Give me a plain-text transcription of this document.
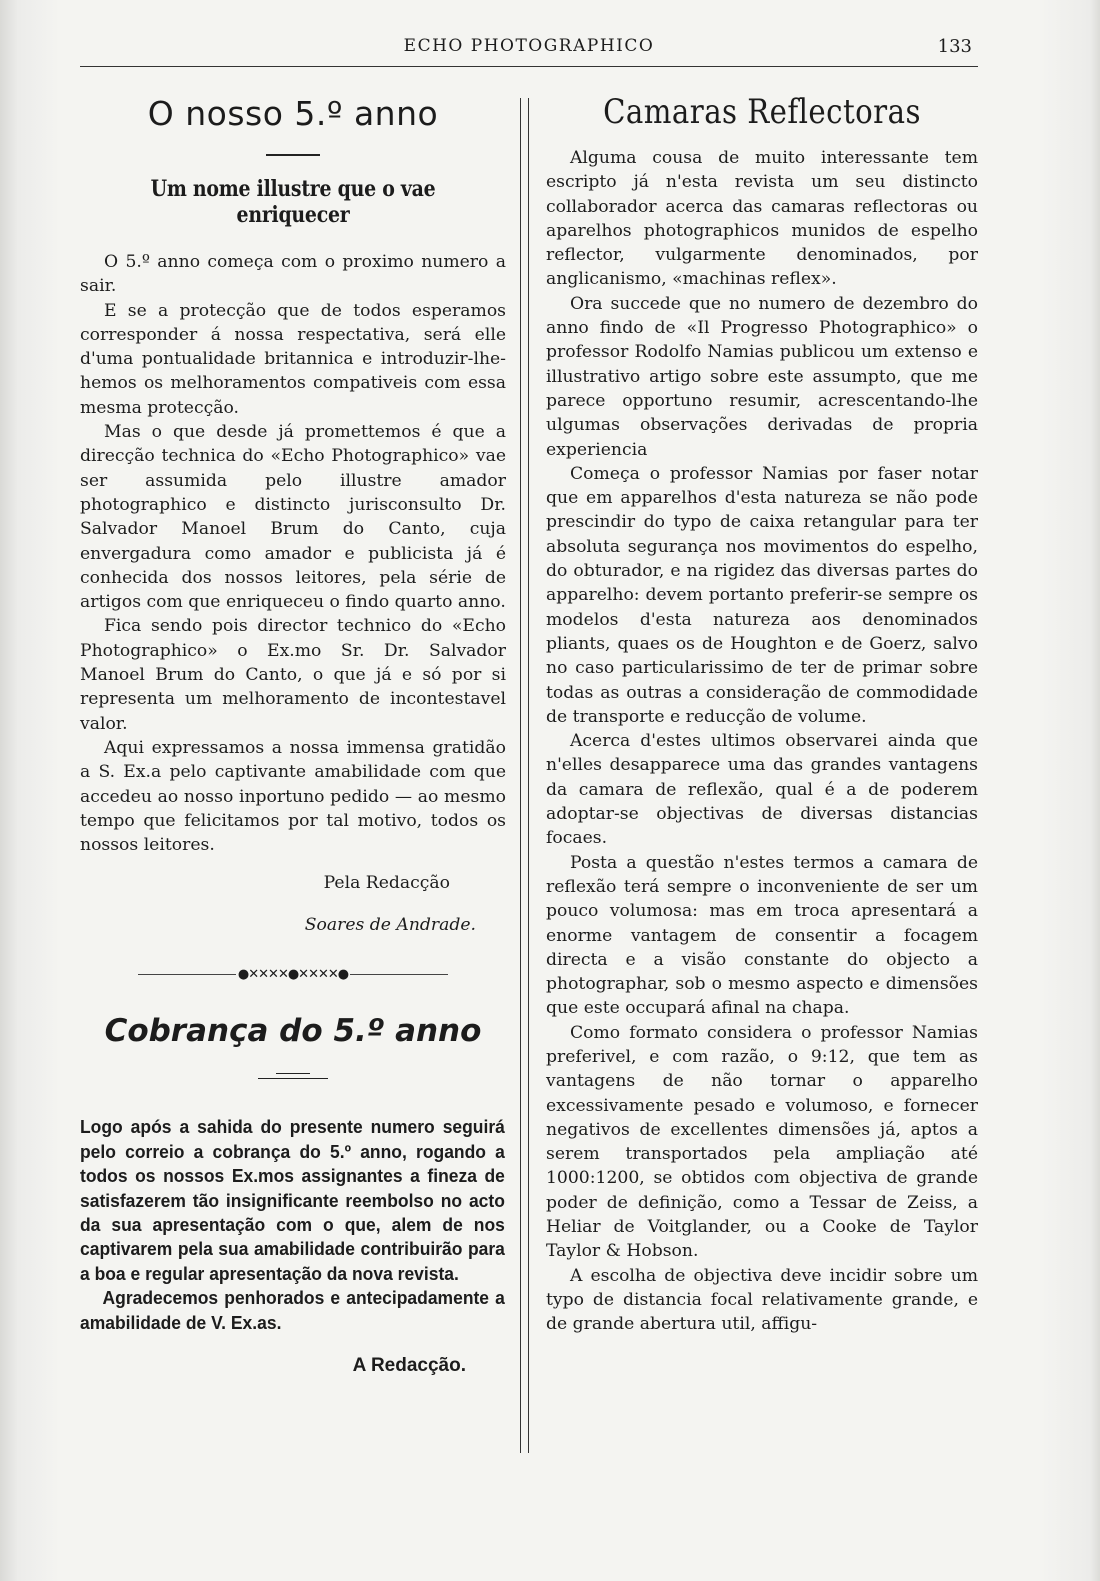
ECHO PHOTOGRAPHICO	133
O nosso 5.º anno
Um nome illustre que o vae enriquecer

O 5.º anno começa com o proximo numero a sair.

E se a protecção que de todos esperamos corresponder á nossa respectativa, será elle d'uma pontualidade britannica e introduzir-lhe-hemos os melhoramentos compativeis com essa mesma protecção.

Mas o que desde já promettemos é que a direcção technica do «Echo Photographico» vae ser assumida pelo illustre amador photographico e distincto jurisconsulto Dr. Salvador Manoel Brum do Canto, cuja envergadura como amador e publicista já é conhecida dos nossos leitores, pela série de artigos com que enriqueceu o findo quarto anno.

Fica sendo pois director technico do «Echo Photographico» o Ex.mo Sr. Dr. Salvador Manoel Brum do Canto, o que já e só por si representa um melhoramento de incontestavel valor.

Aqui expressamos a nossa immensa gratidão a S. Ex.a pelo captivante amabilidade com que accedeu ao nosso inportuno pedido — ao mesmo tempo que felicitamos por tal motivo, todos os nossos leitores.

Pela Redacção

Soares de Andrade.

●✕✕✕✕●✕✕✕✕●
Cobrança do 5.º anno

Logo após a sahida do presente numero seguirá pelo correio a cobrança do 5.º anno, rogando a todos os nossos Ex.mos assignantes a fineza de satisfazerem tão insignificante reembolso no acto da sua apresentação com o que, alem de nos captivarem pela sua amabilidade contribuirão para a boa e regular apresentação da nova revista.

Agradecemos penhorados e antecipadamente a amabilidade de V. Ex.as.

A Redacção.
Camaras Reflectoras

Alguma cousa de muito interessante tem escripto já n'esta revista um seu distincto collaborador acerca das camaras reflectoras ou aparelhos photographicos munidos de espelho reflector, vulgarmente denominados, por anglicanismo, «machinas reflex».

Ora succede que no numero de dezembro do anno findo de «Il Progresso Photographico» o professor Rodolfo Namias publicou um extenso e illustrativo artigo sobre este assumpto, que me parece opportuno resumir, acrescentando-lhe ulgumas observações derivadas de propria experiencia

Começa o professor Namias por faser notar que em apparelhos d'esta natureza se não pode prescindir do typo de caixa retangular para ter absoluta segurança nos movimentos do espelho, do obturador, e na rigidez das diversas partes do apparelho: devem portanto preferir-se sempre os modelos d'esta natureza aos denominados pliants, quaes os de Houghton e de Goerz, salvo no caso particularissimo de ter de primar sobre todas as outras a consideração de commodidade de transporte e reducção de volume.

Acerca d'estes ultimos observarei ainda que n'elles desapparece uma das grandes vantagens da camara de reflexão, qual é a de poderem adoptar-se objectivas de diversas distancias focaes.

Posta a questão n'estes termos a camara de reflexão terá sempre o inconveniente de ser um pouco volumosa: mas em troca apresentará a enorme vantagem de consentir a focagem directa e a visão constante do objecto a photographar, sob o mesmo aspecto e dimensões que este occupará afinal na chapa.

Como formato considera o professor Namias preferivel, e com razão, o 9:12, que tem as vantagens de não tornar o apparelho excessivamente pesado e volumoso, e fornecer negativos de excellentes dimensões já, aptos a serem transportados pela ampliação até 1000:1200, se obtidos com objectiva de grande poder de definição, como a Tessar de Zeiss, a Heliar de Voitglander, ou a Cooke de Taylor Taylor & Hobson.

A escolha de objectiva deve incidir sobre um typo de distancia focal relativamente grande, e de grande abertura util, affigu-
